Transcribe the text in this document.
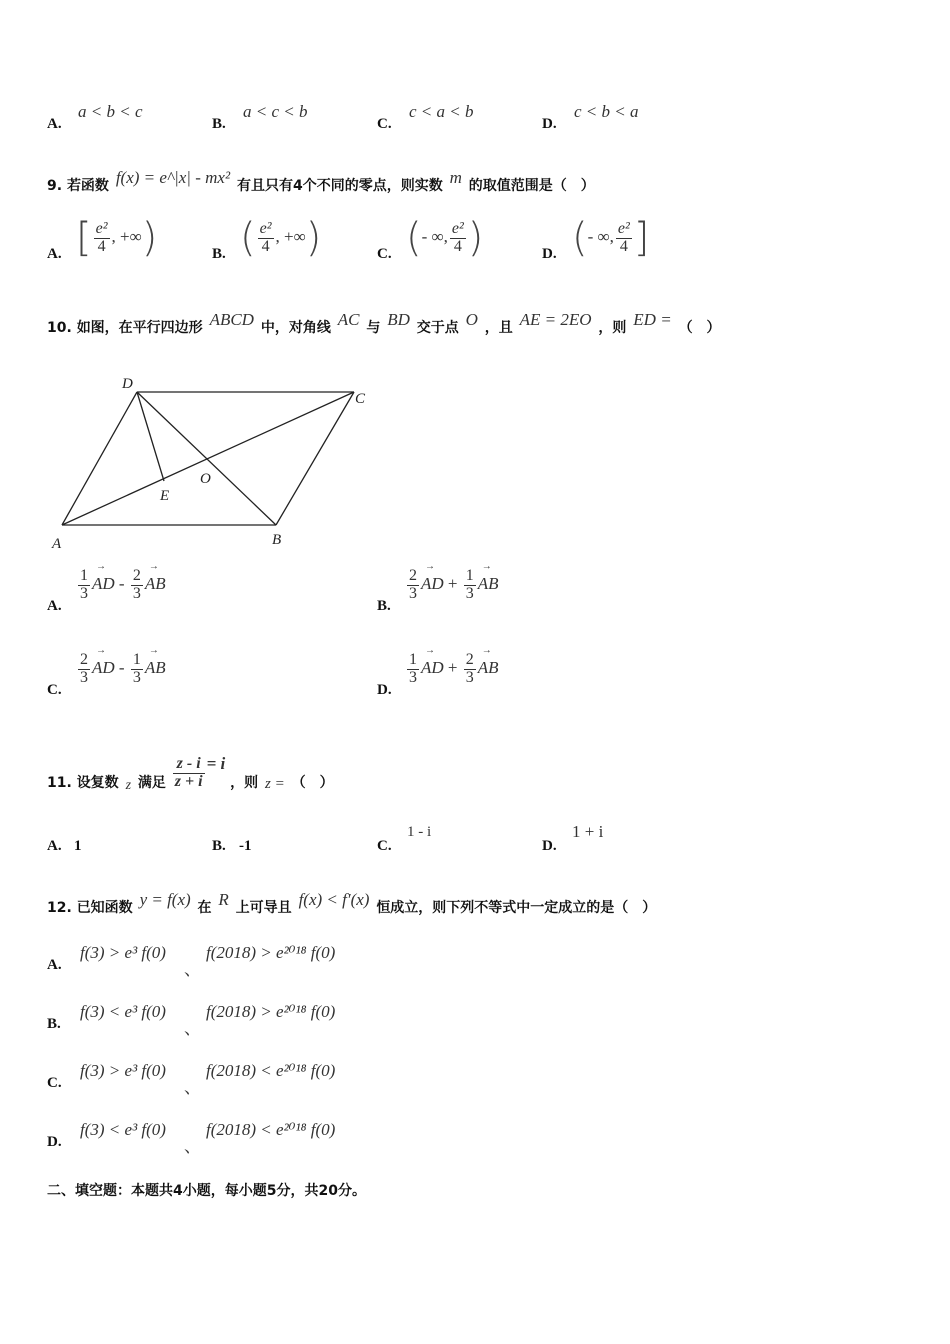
A.
a < b < c
B.
a < c < b
C.
c < a < b
D.
c < b < a
9. 若函数 f(x) = e^|x| - mx² 有且只有4个不同的零点，则实数 m 的取值范围是（　）
A. [ $\frac{\text{e²}}{4}$ , +∞)	B. ( $\frac{\text{e²}}{4}$ , +∞)	C. (- ∞, $\frac{\text{e²}}{4}$ )	D. (- ∞, $\frac{\text{e²}}{4}$ ]
10. 如图，在平行四边形 ABCD 中，对角线 AC 与 BD 交于点 O ，且 AE = 2EO ，则 ED = （　）
D
C
O
E
A	B
A.
$\frac{1}{3}$ → AD - $\frac{2}{3}$ → AB
B.
$\frac{2}{3}$ → AD + $\frac{1}{3}$ → AB
C.
$\frac{2}{3}$ → AD - $\frac{1}{3}$ → AB
D.
$\frac{1}{3}$ → AD + $\frac{2}{3}$ → AB
11. 设复数 z 满足 $\frac{z - i}{z + i} = i$ ，则 z = （　）
A. 1	B. -1	C.
1 - i
D.
1 + i
12. 已知函数 y = f(x) 在 R 上可导且 f(x) < f′(x) 恒成立，则下列不等式中一定成立的是（　）
A.
f(3) > e³ f(0)
、
f(2018) > e²⁰¹⁸ f(0)
B.
f(3) < e³ f(0)
、
f(2018) > e²⁰¹⁸ f(0)
C.
f(3) > e³ f(0)
、
f(2018) < e²⁰¹⁸ f(0)
D.
f(3) < e³ f(0)
、
f(2018) < e²⁰¹⁸ f(0)
二、填空题：本题共4小题，每小题5分，共20分。
